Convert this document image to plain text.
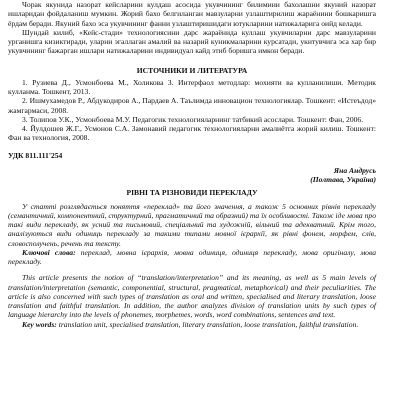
Чорак якунида назорат кейсларини кулдаш асосида укувчининг билимини бахолашни якуний назорат ишларидан фойдаланиш мумкин. Жорий бахо белгиланган мавзуларни узлаштирилиш жараёнини бошкаришга ёрдам беради. Якуний бахо эса укувчининг фанни узлаштиришидаги ютукларини натижаларига оийд келади.

Шундай килиб, «Кейс-стади» технологиясини дарс жараёнида куллаш укувчиларни дарс мавзуларини урганишга кизиктиради, уларни эгаллаган амалий ва назарий куникмаларини курсатади, укитувчига эса хар бир укувчининг бажарган ишлари натижаларини индивидуал кайд этиб боришга имкон беради.

ИСТОЧНИКИ И ЛИТЕРАТУРА

1. Рузиева Д., Усмонбоева М., Холикова З. Интерфаол методлар: мохияти ва кулланилиши. Методик кулланма. Тошкент, 2013.

2. Ишмухамедов Р., Абдукодиров А., Пардаев А. Таълимда инновацион технологиялар. Тошкент: «Истеъдод» жамгармаси, 2008.

3. Толипов У.К., Усмонбоева М.У. Педагогик технологияларнинг татбикий асослари. Тошкент: Фан, 2006.

4. Йулдошев Ж.Г., Усмонов С.А. Замонавий педагогик технологияларни амалиётга жорий килиш. Тошкент: Фан ва технология, 2008.

УДК 811.111'254

Яна Андрусь

(Полтава, Україна)

РІВНІ ТА РІЗНОВИДИ ПЕРЕКЛАДУ

У статті розглядається поняття «переклад» та його значення, а також 5 основних рівнів перекладу (семантичний, компонентний, структурний, прагматичний та образний) та їх особливості. Також іде мова про такі види перекладу, як усний та письмовий, спеціальний та художній, вільний та адекватний. Крім того, аналізуються види одиниць перекладу за такими типами мовної ієрархії, як рівні фонем, морфем, слів, словосполучень, речень та тексту.

Ключові слова: переклад, мовна ієрархія, мовна одиниця, одиниця перекладу, мова оригіналу, мова перекладу.

This article presents the notion of “translation/interpretation” and its meaning, as well as 5 main levels of translation/interpretation (semantic, componential, structural, pragmatical, metaphorical) and their peculiarities. The article is also concerned with such types of translation as oral and written, specialised and literary translation, loose translation and faithful translation. In addition, the author analyzes division of translation units by such types of language hierarchy into the levels of phonemes, morphemes, words, word combinations, sentences and text.

Key words: translation unit, specialised translation, literary translation, loose translation, faithful translation.
